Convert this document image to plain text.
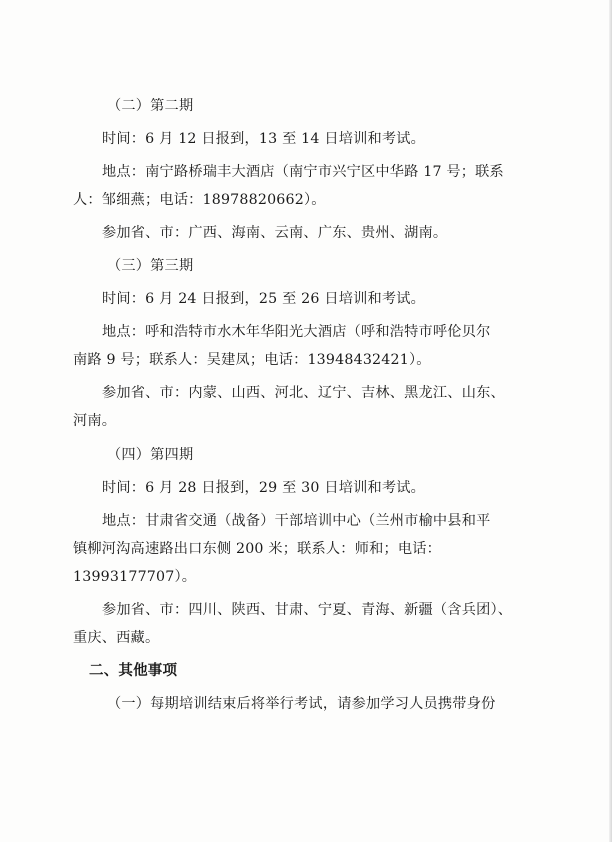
（二）第二期
时间：6 月 12 日报到，13 至 14 日培训和考试。
地点：南宁路桥瑞丰大酒店（南宁市兴宁区中华路 17 号；联系
人：邹细燕；电话：18978820662）。
参加省、市：广西、海南、云南、广东、贵州、湖南。
（三）第三期
时间：6 月 24 日报到，25 至 26 日培训和考试。
地点：呼和浩特市水木年华阳光大酒店（呼和浩特市呼伦贝尔
南路 9 号；联系人：吴建凤；电话：13948432421）。
参加省、市：内蒙、山西、河北、辽宁、吉林、黑龙江、山东、
河南。
（四）第四期
时间：6 月 28 日报到，29 至 30 日培训和考试。
地点：甘肃省交通（战备）干部培训中心（兰州市榆中县和平
镇柳河沟高速路出口东侧 200 米；联系人：师和；电话：
13993177707）。
参加省、市：四川、陕西、甘肃、宁夏、青海、新疆（含兵团）、
重庆、西藏。
二、其他事项
（一）每期培训结束后将举行考试，请参加学习人员携带身份
